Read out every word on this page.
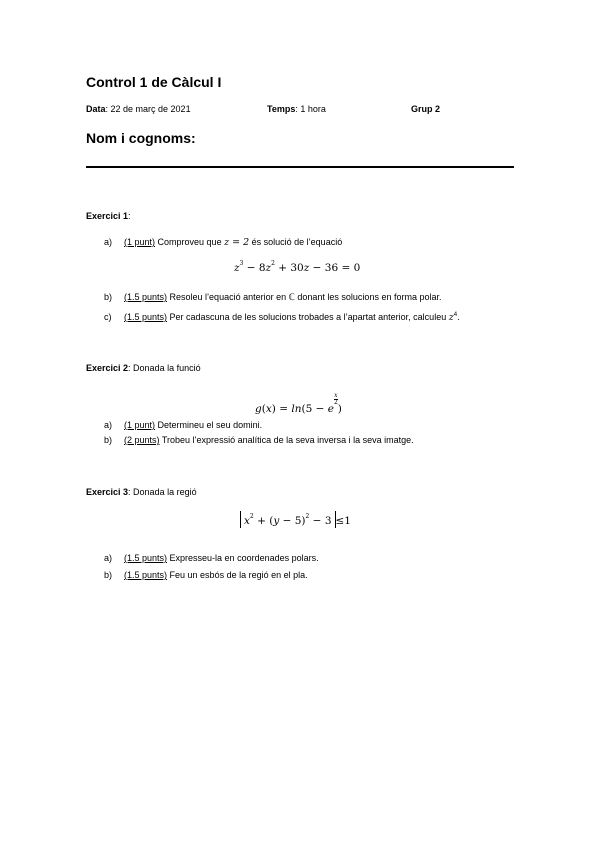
Control 1 de Càlcul I
Data: 22 de març de 2021	Temps: 1 hora	Grup 2
Nom i cognoms:
Exercici 1:
a) (1 punt) Comproveu que z = 2 és solució de l’equació
$z^3 - 8z^2 + 30z - 36 = 0$
b) (1.5 punts) Resoleu l’equació anterior en ℂ donant les solucions en forma polar.
c) (1.5 punts) Per cadascuna de les solucions trobades a l’apartat anterior, calculeu $z^4$.
Exercici 2: Donada la funció
$g(x) = \ln(5 - e\frac{x}{2}$
)
a) (1 punt) Determineu el seu domini.
b) (2 punts) Trobeu l’expressió analítica de la seva inversa i la seva imatge.
Exercici 3: Donada la regió
$x^2 + (y - 5)^2 - 3 \le 1$
a) (1.5 punts) Expresseu-la en coordenades polars.
b) (1.5 punts) Feu un esbós de la regió en el pla.
